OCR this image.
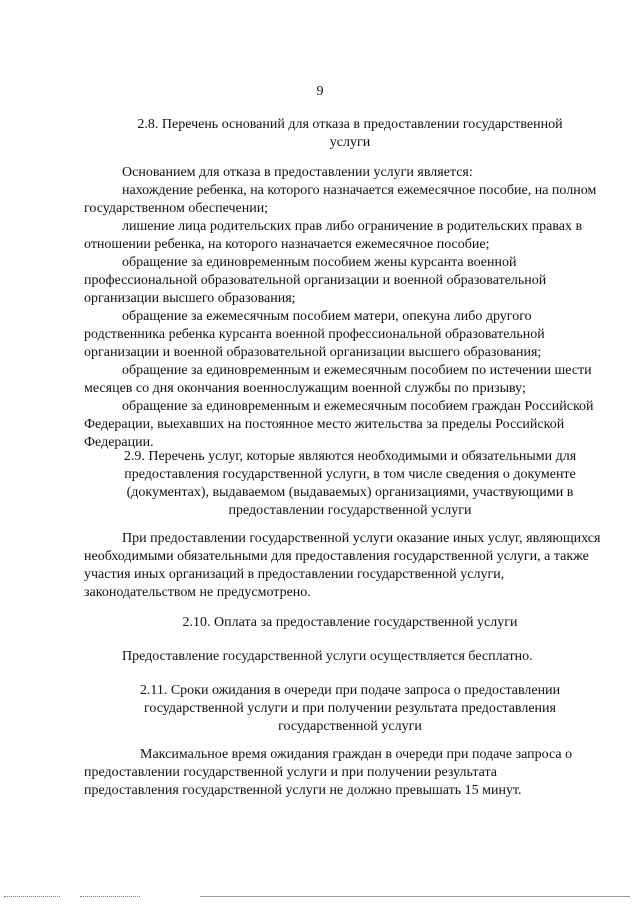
9
2.8. Перечень оснований для отказа в предоставлении государственной
услуги
Основанием для отказа в предоставлении услуги является:
нахождение ребенка, на которого назначается ежемесячное пособие, на полном
государственном обеспечении;
лишение лица родительских прав либо ограничение в родительских правах в
отношении ребенка, на которого назначается ежемесячное пособие;
обращение за единовременным пособием жены курсанта военной
профессиональной образовательной организации и военной образовательной
организации высшего образования;
обращение за ежемесячным пособием матери, опекуна либо другого
родственника ребенка курсанта военной профессиональной образовательной
организации и военной образовательной организации высшего образования;
обращение за единовременным и ежемесячным пособием по истечении шести
месяцев со дня окончания военнослужащим военной службы по призыву;
обращение за единовременным и ежемесячным пособием граждан Российской
Федерации, выехавших на постоянное место жительства за пределы Российской
Федерации.
2.9. Перечень услуг, которые являются необходимыми и обязательными для
предоставления государственной услуги, в том числе сведения о документе
(документах), выдаваемом (выдаваемых) организациями, участвующими в
предоставлении государственной услуги
При предоставлении государственной услуги оказание иных услуг, являющихся
необходимыми обязательными для предоставления государственной услуги, а также
участия иных организаций в предоставлении государственной услуги,
законодательством не предусмотрено.
2.10. Оплата за предоставление государственной услуги
Предоставление государственной услуги осуществляется бесплатно.
2.11. Сроки ожидания в очереди при подаче запроса о предоставлении
государственной услуги и при получении результата предоставления
государственной услуги
Максимальное время ожидания граждан в очереди при подаче запроса о
предоставлении государственной услуги и при получении результата
предоставления государственной услуги не должно превышать 15 минут.
